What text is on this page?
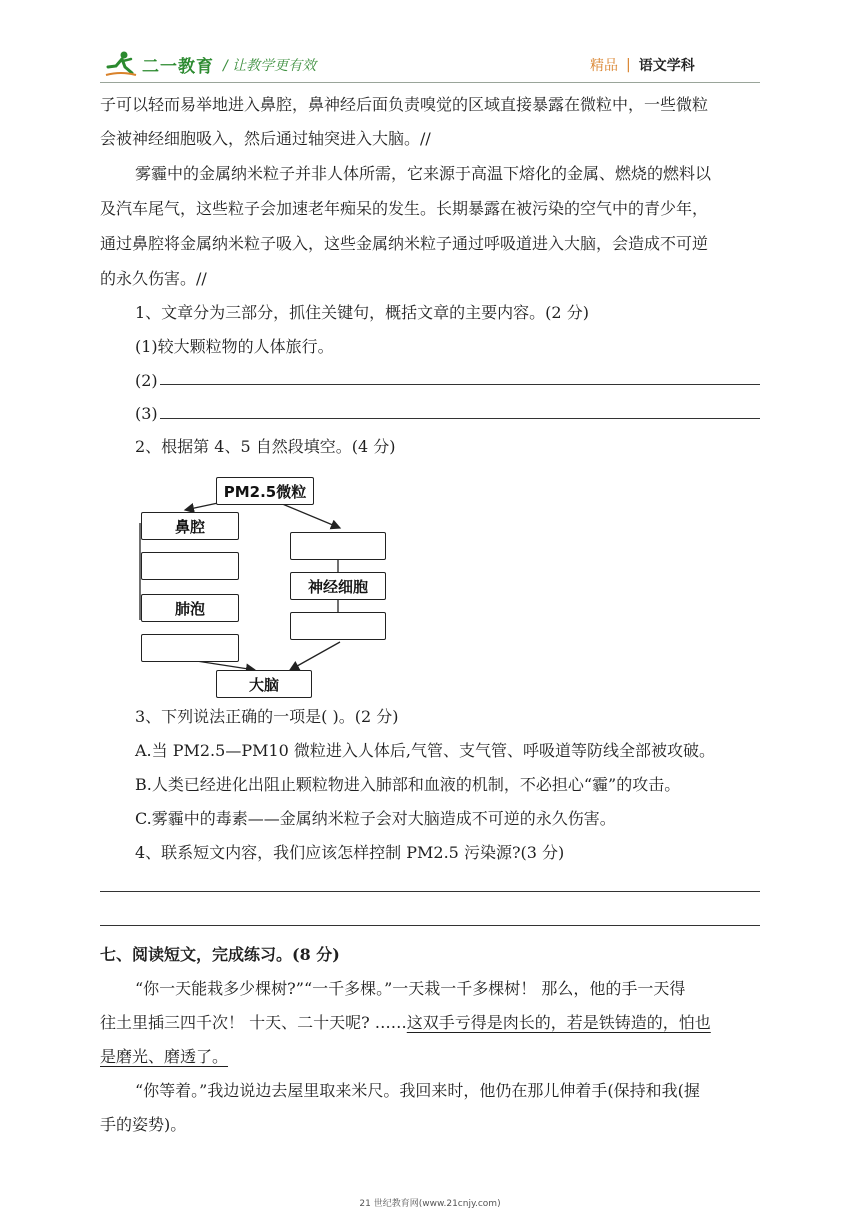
二一教育 / 让教学更有效	精品 | 语文学科
子可以轻而易举地进入鼻腔，鼻神经后面负责嗅觉的区域直接暴露在微粒中，一些微粒
会被神经细胞吸入，然后通过轴突进入大脑。//
雾霾中的金属纳米粒子并非人体所需，它来源于高温下熔化的金属、燃烧的燃料以
及汽车尾气，这些粒子会加速老年痴呆的发生。长期暴露在被污染的空气中的青少年，
通过鼻腔将金属纳米粒子吸入，这些金属纳米粒子通过呼吸道进入大脑，会造成不可逆
的永久伤害。//
1、文章分为三部分，抓住关键句，概括文章的主要内容。(2 分)
(1)较大颗粒物的人体旅行。
(2)
(3)
2、根据第 4、5 自然段填空。(4 分)
PM2.5微粒
鼻腔
肺泡
神经细胞
大脑
3、下列说法正确的一项是( )。(2 分)
A.当 PM2.5—PM10 微粒进入人体后,气管、支气管、呼吸道等防线全部被攻破。
B.人类已经进化出阻止颗粒物进入肺部和血液的机制，不必担心“霾”的攻击。
C.雾霾中的毒素——金属纳米粒子会对大脑造成不可逆的永久伤害。
4、联系短文内容，我们应该怎样控制 PM2.5 污染源?(3 分)
七、阅读短文，完成练习。(8 分)
“你一天能栽多少棵树?”“一千多棵。”一天栽一千多棵树！ 那么，他的手一天得
往土里插三四千次！ 十天、二十天呢? ……这双手亏得是肉长的，若是铁铸造的，怕也
是磨光、磨透了。
“你等着。”我边说边去屋里取来米尺。我回来时，他仍在那儿伸着手(保持和我(握
手的姿势)。
21 世纪教育网(www.21cnjy.com)
